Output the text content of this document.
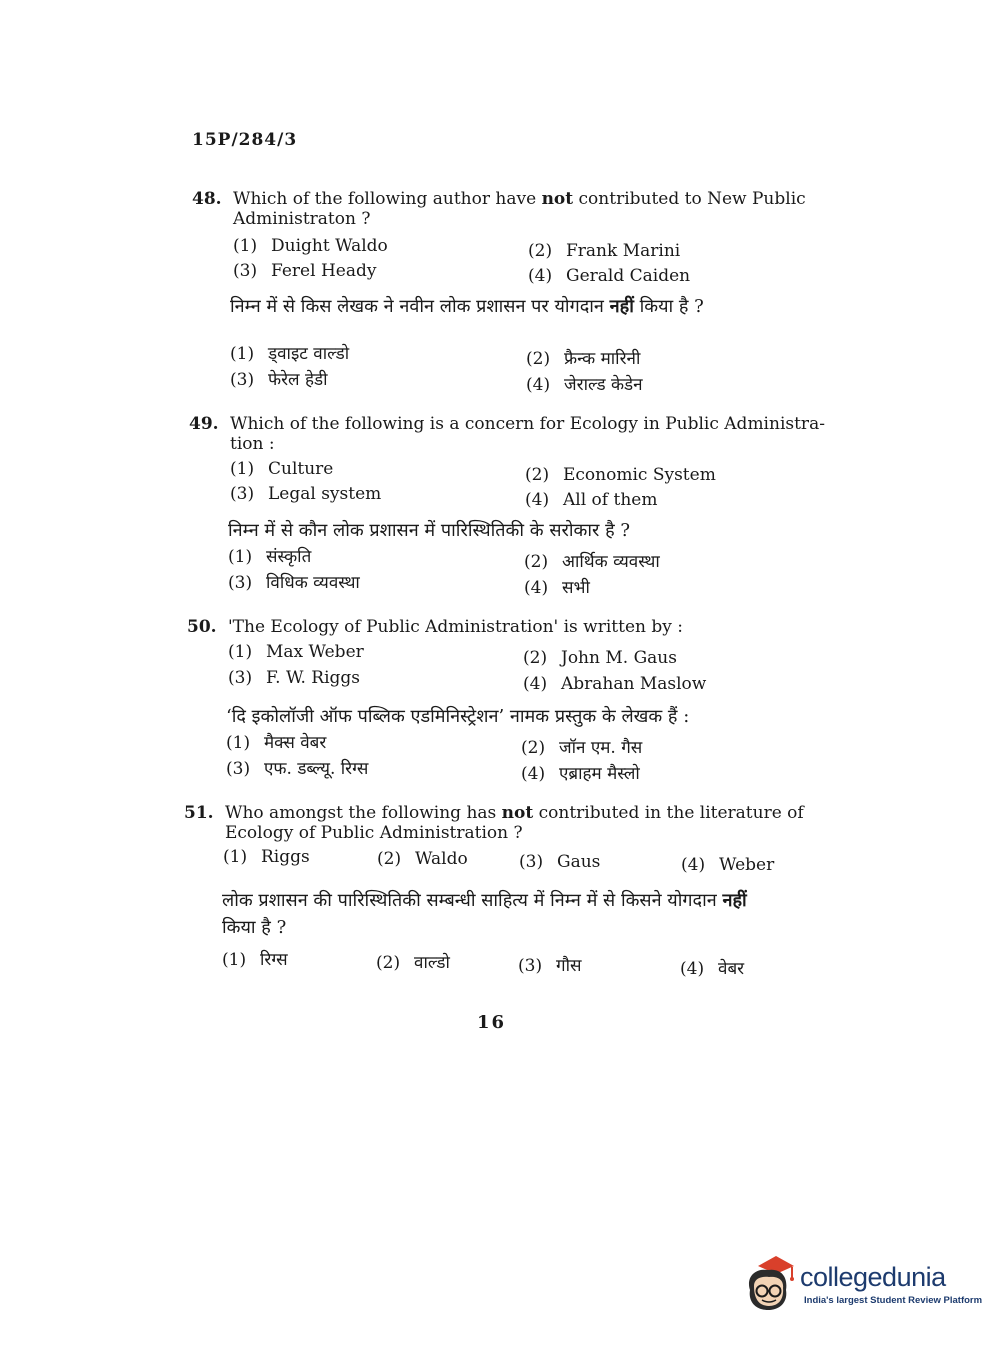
15P/284/3
48. Which of the following author have not contributed to New Public Administraton ?
(1) Duight Waldo	(2) Frank Marini
(3) Ferel Heady	(4) Gerald Caiden
निम्न में से किस लेखक ने नवीन लोक प्रशासन पर योगदान नहीं किया है ?
(1) ड्वाइट वाल्डो	(2) फ्रैन्क मारिनी
(3) फेरेल हेडी	(4) जेराल्ड केडेन
49. Which of the following is a concern for Ecology in Public Administra-tion :
(1) Culture	(2) Economic System
(3) Legal system	(4) All of them
निम्न में से कौन लोक प्रशासन में पारिस्थितिकी के सरोकार है ?
(1) संस्कृति	(2) आर्थिक व्यवस्था
(3) विधिक व्यवस्था	(4) सभी
50. 'The Ecology of Public Administration' is written by :
(1) Max Weber	(2) John M. Gaus
(3) F. W. Riggs	(4) Abrahan Maslow
‘दि इकोलॉजी ऑफ पब्लिक एडमिनिस्ट्रेशन’ नामक प्रस्तुक के लेखक हैं :
(1) मैक्स वेबर	(2) जॉन एम. गैस
(3) एफ. डब्ल्यू. रिग्स	(4) एब्राहम मैस्लो
51. Who amongst the following has not contributed in the literature of Ecology of Public Administration ?
(1) Riggs	(2) Waldo	(3) Gaus	(4) Weber
लोक प्रशासन की पारिस्थितिकी सम्बन्धी साहित्य में निम्न में से किसने योगदान नहीं किया है ?
(1) रिग्स	(2) वाल्डो	(3) गौस	(4) वेबर
16
collegedunia
India's largest Student Review Platform
